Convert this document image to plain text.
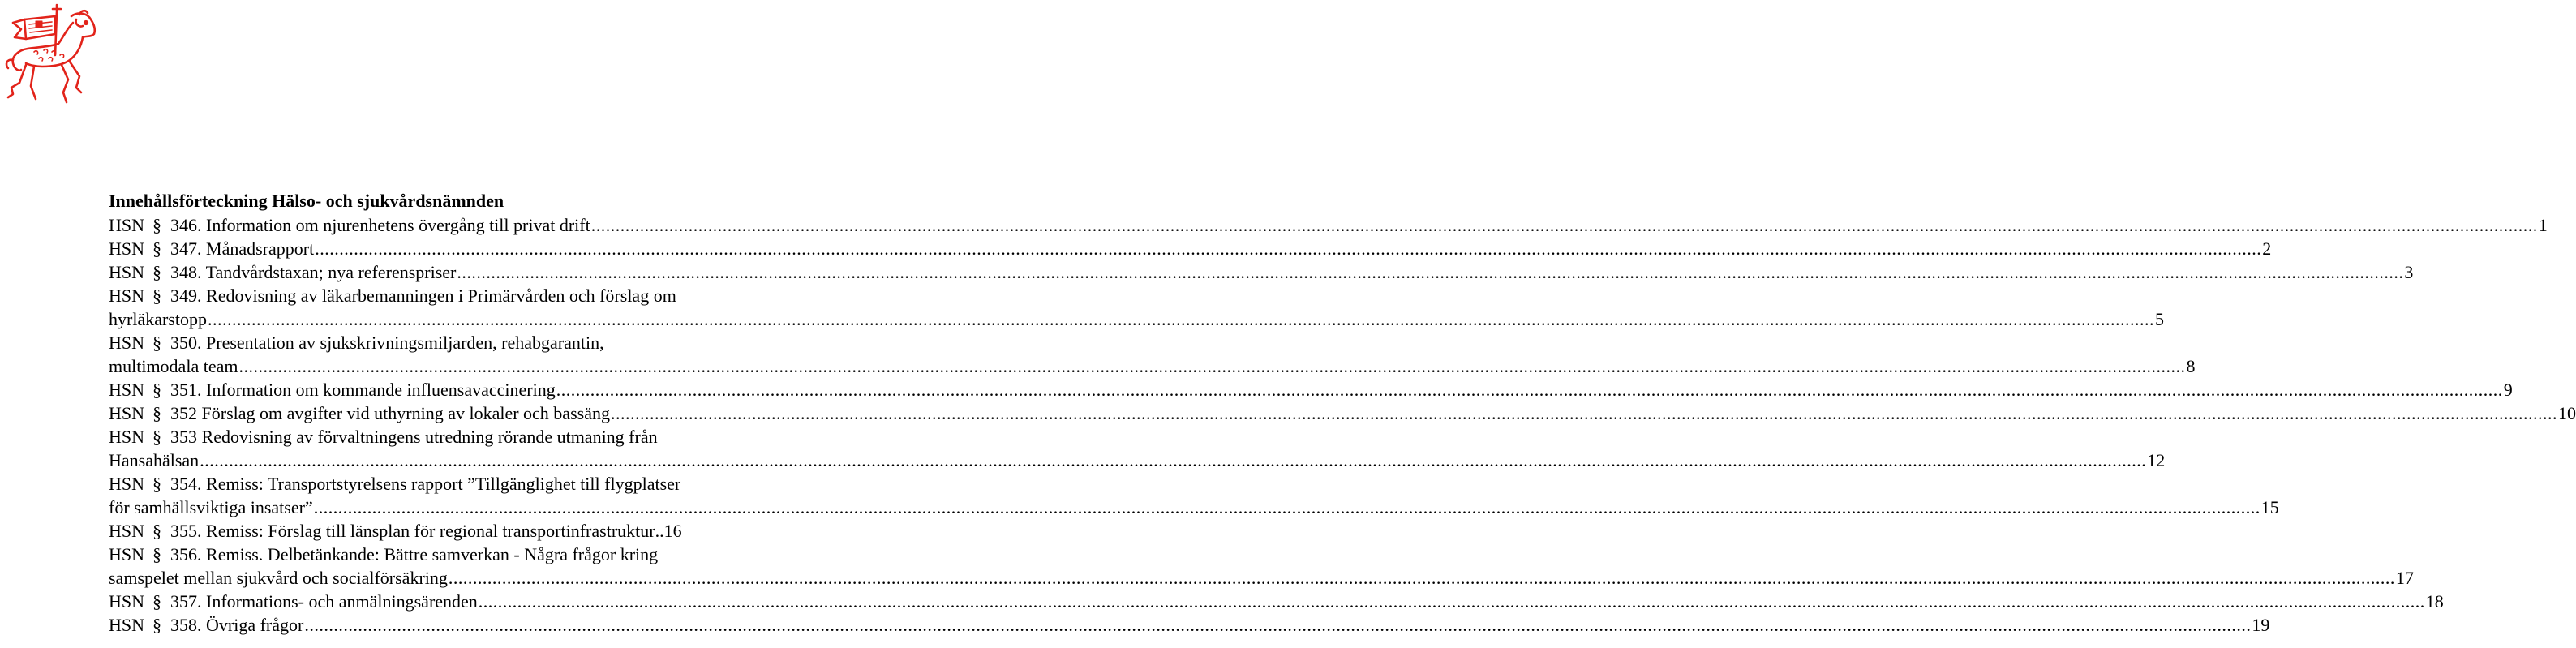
Innehållsförteckning Hälso- och sjukvårdsnämnden
HSN § 346. Information om njurenhetens övergång till privat drift ................................................................................................................................................................................................................................................................................................................................................................................................................ 1
HSN § 347. Månadsrapport ................................................................................................................................................................................................................................................................................................................................................................................................................ 2
HSN § 348. Tandvårdstaxan; nya referenspriser ................................................................................................................................................................................................................................................................................................................................................................................................................ 3
HSN § 349. Redovisning av läkarbemanningen i Primärvården och förslag om
hyrläkarstopp ................................................................................................................................................................................................................................................................................................................................................................................................................ 5
HSN § 350. Presentation av sjukskrivningsmiljarden, rehabgarantin,
multimodala team ................................................................................................................................................................................................................................................................................................................................................................................................................ 8
HSN § 351. Information om kommande influensavaccinering ................................................................................................................................................................................................................................................................................................................................................................................................................ 9
HSN § 352 Förslag om avgifter vid uthyrning av lokaler och bassäng ................................................................................................................................................................................................................................................................................................................................................................................................................ 10
HSN § 353 Redovisning av förvaltningens utredning rörande utmaning från
Hansahälsan ................................................................................................................................................................................................................................................................................................................................................................................................................ 12
HSN § 354. Remiss: Transportstyrelsens rapport ”Tillgänglighet till flygplatser
för samhällsviktiga insatser” ................................................................................................................................................................................................................................................................................................................................................................................................................ 15
HSN § 355. Remiss: Förslag till länsplan för regional transportinfrastruktur .. 16
HSN § 356. Remiss. Delbetänkande: Bättre samverkan - Några frågor kring
samspelet mellan sjukvård och socialförsäkring ................................................................................................................................................................................................................................................................................................................................................................................................................ 17
HSN § 357. Informations- och anmälningsärenden ................................................................................................................................................................................................................................................................................................................................................................................................................ 18
HSN § 358. Övriga frågor ................................................................................................................................................................................................................................................................................................................................................................................................................ 19
